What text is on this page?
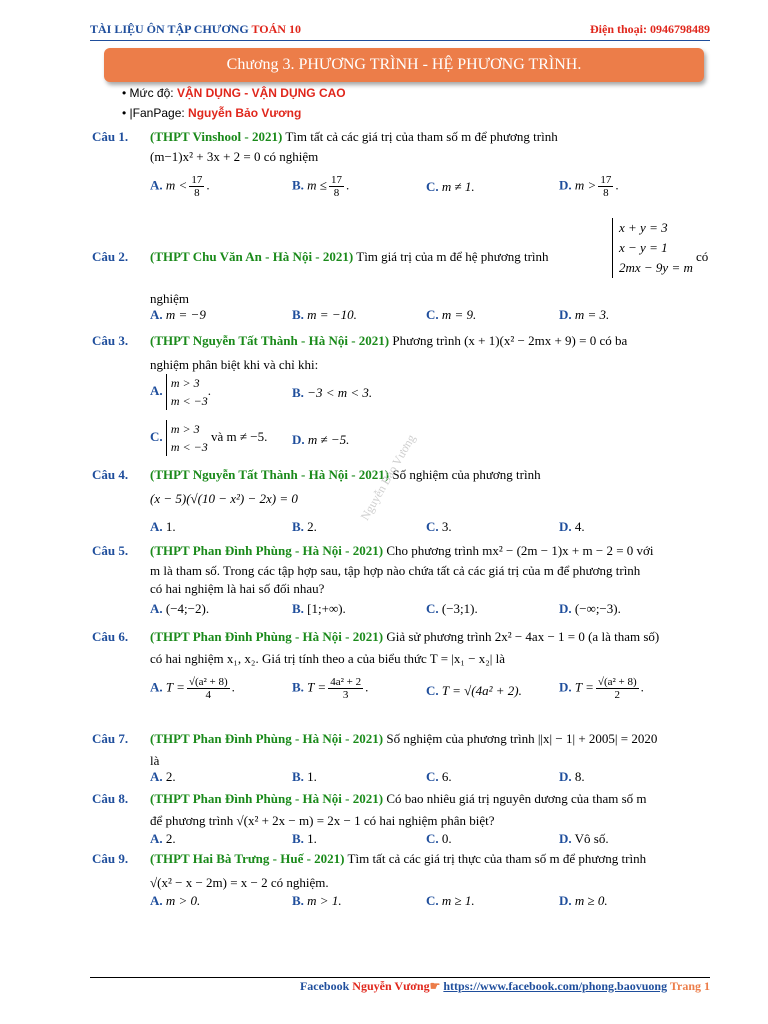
TÀI LIỆU ÔN TẬP CHƯƠNG TOÁN 10	Điện thoại: 0946798489
Chương 3. PHƯƠNG TRÌNH - HỆ PHƯƠNG TRÌNH.
• Mức độ: VẬN DỤNG - VẬN DỤNG CAO
• |FanPage: Nguyễn Bảo Vương
Câu 1. (THPT Vinshool - 2021) Tìm tất cả các giá trị của tham số m để phương trình
(m−1)x² + 3x + 2 = 0 có nghiệm
A. $m < \frac{17}{8}$ .	B. $m \le \frac{17}{8}$ .	C. m ≠ 1.	D. $m > \frac{17}{8}$ .
Câu 2. (THPT Chu Văn An - Hà Nội - 2021) Tìm giá trị của m để hệ phương trình
x + y = 3
x − y = 1
2mx − 9y = m
có
nghiệm
A. m = −9	B. m = −10.	C. m = 9.	D. m = 3.
Câu 3. (THPT Nguyễn Tất Thành - Hà Nội - 2021) Phương trình (x + 1)(x² − 2mx + 9) = 0 có ba
nghiệm phân biệt khi và chỉ khi:
A. m > 3
m < −3
.	B. −3 < m < 3.
C. m > 3
m < −3
và m ≠ −5. D. m ≠ −5.
Câu 4. (THPT Nguyễn Tất Thành - Hà Nội - 2021) Số nghiệm của phương trình
(x − 5)(√(10 − x²) − 2x) = 0
A. 1.	B. 2.	C. 3.	D. 4.
Câu 5. (THPT Phan Đình Phùng - Hà Nội - 2021) Cho phương trình mx² − (2m − 1)x + m − 2 = 0 với
m là tham số. Trong các tập hợp sau, tập hợp nào chứa tất cả các giá trị của m để phương trình
có hai nghiệm là hai số đối nhau?
A. (−4;−2).	B. [1;+∞).	C. (−3;1).	D. (−∞;−3).
Câu 6. (THPT Phan Đình Phùng - Hà Nội - 2021) Giả sử phương trình 2x² − 4ax − 1 = 0 (a là tham số)
có hai nghiệm x₁, x₂. Giá trị tính theo a của biểu thức T = |x₁ − x₂| là
A. $T = \frac{\text{√(a² + 8)}}{4}$ .	B. $T = \frac{\text{4a² + 2}}{3}$ .	C. T = √(4a² + 2).	D. $T = \frac{\text{√(a² + 8)}}{2}$ .
Câu 7. (THPT Phan Đình Phùng - Hà Nội - 2021) Số nghiệm của phương trình ||x| − 1| + 2005| = 2020
là
A. 2.	B. 1.	C. 6.	D. 8.
Câu 8. (THPT Phan Đình Phùng - Hà Nội - 2021) Có bao nhiêu giá trị nguyên dương của tham số m
để phương trình √(x² + 2x − m) = 2x − 1 có hai nghiệm phân biệt?
A. 2.	B. 1.	C. 0.	D. Vô số.
Câu 9. (THPT Hai Bà Trưng - Huế - 2021) Tìm tất cả các giá trị thực của tham số m để phương trình
√(x² − x − 2m) = x − 2 có nghiệm.
A. m > 0.	B. m > 1.	C. m ≥ 1.	D. m ≥ 0.
Nguyễn Bảo Vương
Facebook Nguyễn Vương☛ https://www.facebook.com/phong.baovuong Trang 1
